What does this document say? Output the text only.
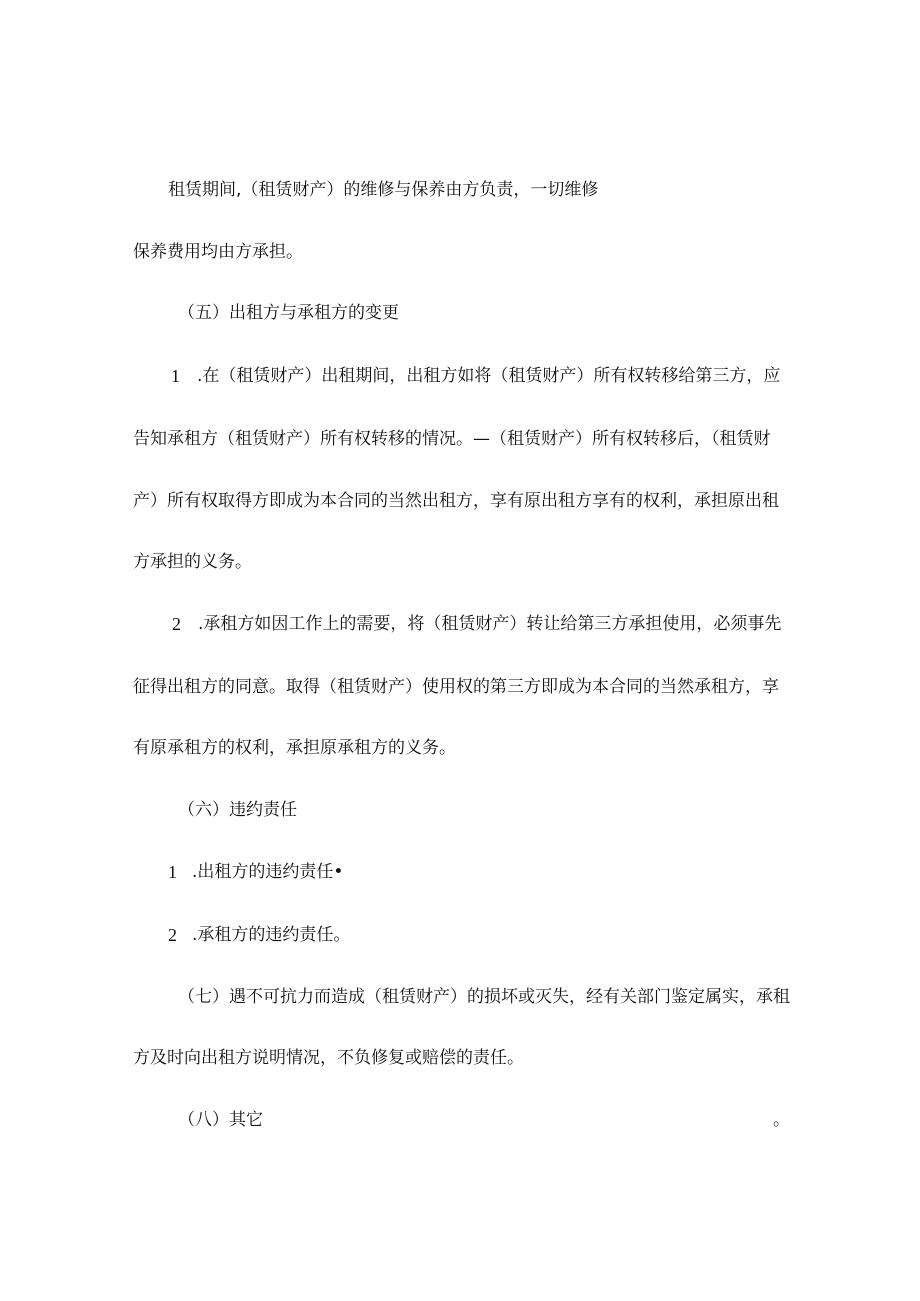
租赁期间,（租赁财产）的维修与保养由方负责，一切维修
保养费用均由方承担。
（五）出租方与承租方的变更
1 .在（租赁财产）出租期间，出租方如将（租赁财产）所有权转移给第三方，应
告知承租方（租赁财产）所有权转移的情况。—（租赁财产）所有权转移后，（租赁财
产）所有权取得方即成为本合同的当然出租方，享有原出租方享有的权利，承担原出租
方承担的义务。
2 .承租方如因工作上的需要，将（租赁财产）转让给第三方承担使用，必须事先
征得出租方的同意。取得（租赁财产）使用权的第三方即成为本合同的当然承租方，享
有原承租方的权利，承担原承租方的义务。
（六）违约责任
1 .出租方的违约责任•
2 .承租方的违约责任。
（七）遇不可抗力而造成（租赁财产）的损坏或灭失，经有关部门鉴定属实，承租
方及时向出租方说明情况，不负修复或赔偿的责任。
（八）其它	。
